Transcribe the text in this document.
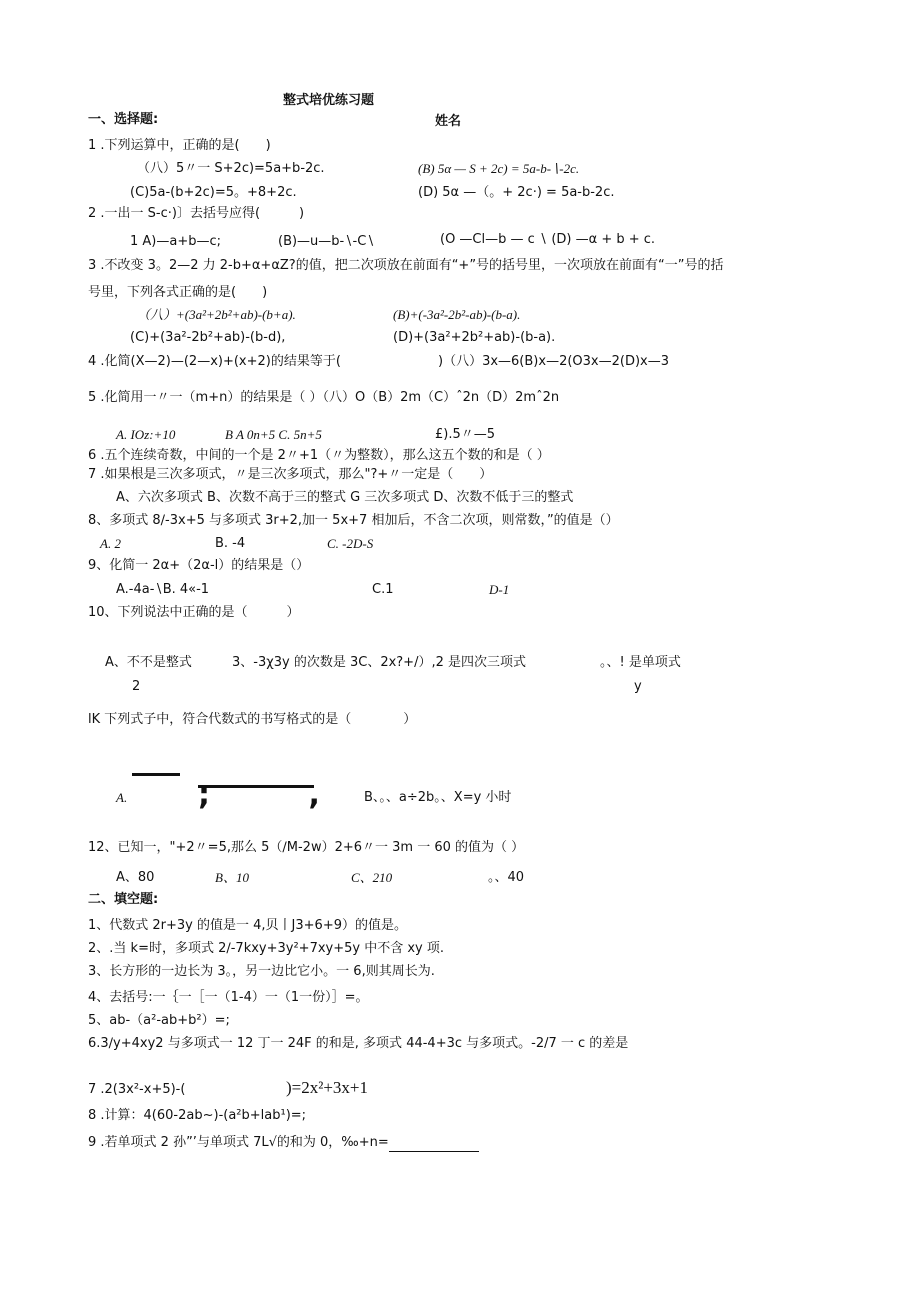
整式培优练习题
一、选择题:	姓名
1 .下列运算中，正确的是(　　)
（八）5〃一 S+2c)=5a+b-2c.	(B) 5α — S + 2c) = 5a-b-∖-2c.
(C)5a-(b+2c)=5。+8+2c.	(D) 5α —（。+ 2c·) = 5a-b-2c.
2 .一出一 S-c·)〕去括号应得(　　　)
1 A)—a+b—c;	(B)—u—b-∖-C∖	(O —Cl—b — c ∖ (D) —α + b + c.
3 .不改变 3。2—2 力 2-b+α+αZ?的值，把二次项放在前面有“+”号的括号里，一次项放在前面有“一”号的括
号里，下列各式正确的是(　　)
（八）+(3a²+2b²+ab)-(b+a).	(B)+(-3a²-2b²-ab)-(b-a).
(C)+(3a²-2b²+ab)-(b-d),	(D)+(3a²+2b²+ab)-(b-a).
4 .化简(X—2)—(2—x)+(x+2)的结果等于(	)（八）3x—6(B)x—2(O3x—2(D)x—3
5 .化简用一〃一（m+n）的结果是（ ）（八）O（B）2m（C）ˆ2n（D）2mˆ2n
A. IOz:+10	B A 0n+5 C. 5n+5	£).5〃—5
6 .五个连续奇数，中间的一个是 2〃+1（〃为整数），那么这五个数的和是（ ）
7 .如果根是三次多项式，〃是三次多项式，那么"?+〃一定是（　　）
A、六次多项式 B、次数不高于三的整式 G 三次多项式 D、次数不低于三的整式
8、多项式 8∕-3x+5 与多项式 3r+2,加一 5x+7 相加后，不含二次项，则常数，”的值是（）
A. 2	B. -4	C. -2D-S
9、化简一 2α+（2α-l）的结果是（）
A.-4a-∖B. 4«-1	C.1	D-1
10、下列说法中正确的是（　　　）
A、不不是整式
2
3、-3χ3y 的次数是 3C、2x?+/）,2 是四次三项式	。、! 是单项式
y
lK 下列式子中，符合代数式的书写格式的是（　　　　）
A. ; , B、。、a÷2b。、X=y 小时
12、已知一，"+2〃=5,那么 5（∕M-2w）2+6〃一 3m 一 60 的值为（ ）
A、80	B、10	C、210	。、40
二、填空题:
1、代数式 2r+3y 的值是一 4,贝丨J3+6+9）的值是。
2、.当 k=时，多项式 2∕-7kxy+3y²+7xy+5y 中不含 xy 项.
3、长方形的一边长为 3。，另一边比它小。一 6,则其周长为.
4、去括号:一｛一［一（1-4）一（1一份）］=。
5、ab-（a²-ab+b²）=;
6.3∕y+4xy2 与多项式一 12 丁一 24F 的和是, 多项式 44-4+3c 与多项式。-2/7 一 c 的差是
7 .2(3x²-x+5)-(	)=2x²+3x+1
8 .计算：4(60-2ab~)-(a²b+lab¹)=;
9 .若单项式 2 孙”’与单项式 7L√的和为 0，‰+n=
